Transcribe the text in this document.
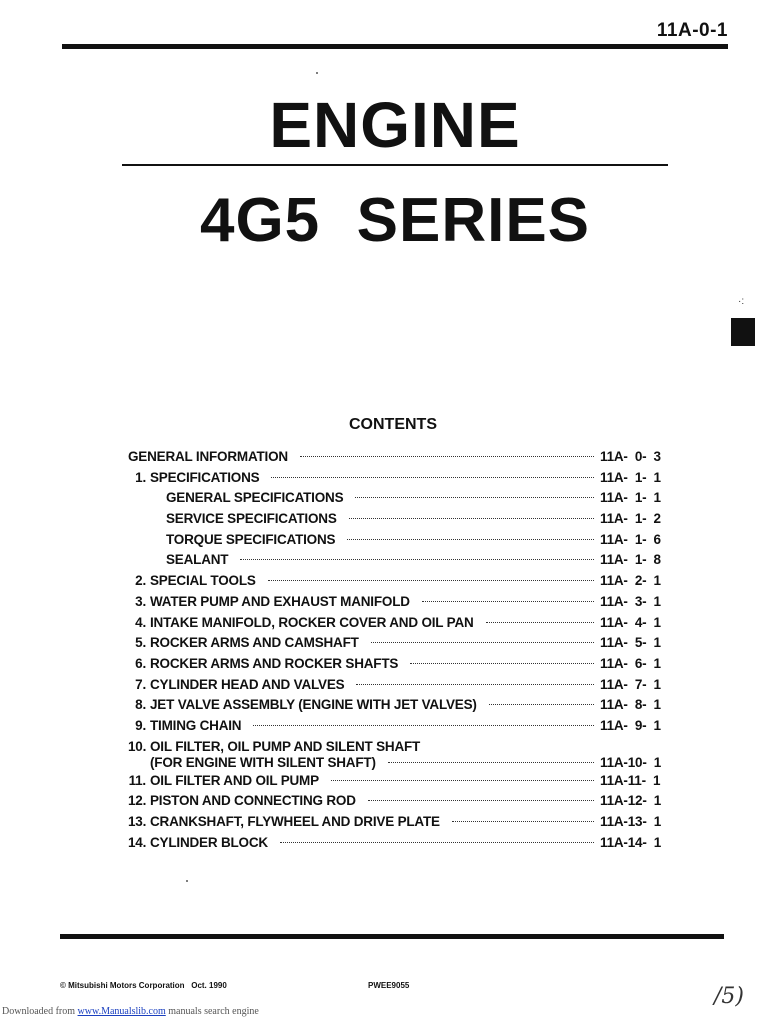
11A-0-1
ENGINE
4G5  SERIES
·:
CONTENTS
GENERAL INFORMATION	11A-  0-  3
1. SPECIFICATIONS	11A-  1-  1
GENERAL SPECIFICATIONS	11A-  1-  1
SERVICE SPECIFICATIONS	11A-  1-  2
TORQUE SPECIFICATIONS	11A-  1-  6
SEALANT	11A-  1-  8
2. SPECIAL TOOLS	11A-  2-  1
3. WATER PUMP AND EXHAUST MANIFOLD	11A-  3-  1
4. INTAKE MANIFOLD, ROCKER COVER AND OIL PAN	11A-  4-  1
5. ROCKER ARMS AND CAMSHAFT	11A-  5-  1
6. ROCKER ARMS AND ROCKER SHAFTS	11A-  6-  1
7. CYLINDER HEAD AND VALVES	11A-  7-  1
8. JET VALVE ASSEMBLY (ENGINE WITH JET VALVES)	11A-  8-  1
9. TIMING CHAIN	11A-  9-  1
10. OIL FILTER, OIL PUMP AND SILENT SHAFT
(FOR ENGINE WITH SILENT SHAFT)	11A-10-  1
11. OIL FILTER AND OIL PUMP	11A-11-  1
12. PISTON AND CONNECTING ROD	11A-12-  1
13. CRANKSHAFT, FLYWHEEL AND DRIVE PLATE	11A-13-  1
14. CYLINDER BLOCK	11A-14-  1
© Mitsubishi Motors Corporation   Oct. 1990	PWEE9055	/5)
Downloaded from www.Manualslib.com manuals search engine
